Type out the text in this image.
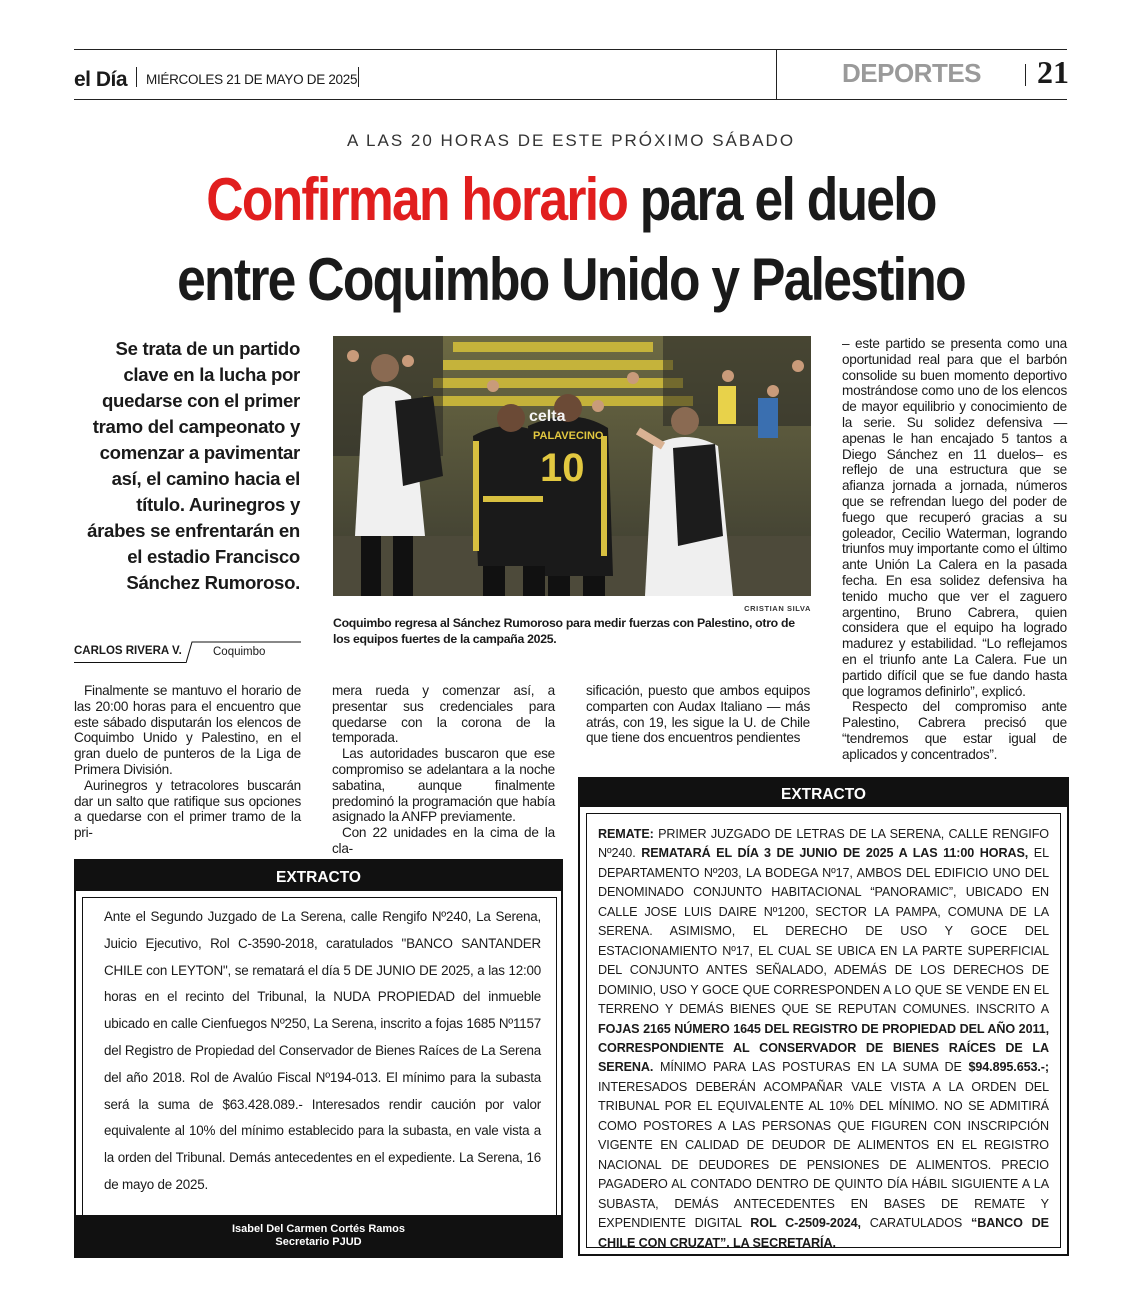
el Día MIÉRCOLES 21 DE MAYO DE 2025	DEPORTES 21
A LAS 20 HORAS DE ESTE PRÓXIMO SÁBADO
Confirman horario para el duelo
entre Coquimbo Unido y Palestino
Se trata de un partido clave en la lucha por quedarse con el primer tramo del campeonato y comenzar a pavimentar así, el camino hacia el título. Aurinegros y árabes se enfrentarán en el estadio Francisco Sánchez Rumoroso.
CARLOS RIVERA V.	Coquimbo
10
PALAVECINO
celta
CRISTIAN SILVA
Coquimbo regresa al Sánchez Rumoroso para medir fuerzas con Palestino, otro de los equipos fuertes de la campaña 2025.

Finalmente se mantuvo el horario de las 20:00 horas para el encuentro que este sábado disputarán los elencos de Coquimbo Unido y Palestino, en el gran duelo de punteros de la Liga de Primera División.

Aurinegros y tetracolores buscarán dar un salto que ratifique sus opciones a quedarse con el primer tramo de la pri-

mera rueda y comenzar así, a presentar sus credenciales para quedarse con la corona de la temporada.

Las autoridades buscaron que ese compromiso se adelantara a la noche sabatina, aunque finalmente predominó la programación que había asignado la ANFP previamente.

Con 22 unidades en la cima de la cla-

sificación, puesto que ambos equipos comparten con Audax Italiano — más atrás, con 19, les sigue la U. de Chile que tiene dos encuentros pendientes

– este partido se presenta como una oportunidad real para que el barbón consolide su buen momento deportivo mostrándose como uno de los elencos de mayor equilibrio y conocimiento de la serie. Su solidez defensiva —apenas le han encajado 5 tantos a Diego Sánchez en 11 duelos– es reflejo de una estructura que se afianza jornada a jornada, números que se refrendan luego del poder de fuego que recuperó gracias a su goleador, Cecilio Waterman, logrando triunfos muy importante como el último ante Unión La Calera en la pasada fecha. En esa solidez defensiva ha tenido mucho que ver el zaguero argentino, Bruno Cabrera, quien considera que el equipo ha logrado madurez y estabilidad. “Lo reflejamos en el triunfo ante La Calera. Fue un partido difícil que se fue dando hasta que logramos definirlo”, explicó.

Respecto del compromiso ante Palestino, Cabrera precisó que “tendremos que estar igual de aplicados y concentrados”.

EXTRACTO
Ante el Segundo Juzgado de La Serena, calle Rengifo Nº240, La Serena, Juicio Ejecutivo, Rol C-3590-2018, caratulados "BANCO SANTANDER CHILE con LEYTON", se rematará el día 5 DE JUNIO DE 2025, a las 12:00 horas en el recinto del Tribunal, la NUDA PROPIEDAD del inmueble ubicado en calle Cienfuegos Nº250, La Serena, inscrito a fojas 1685 Nº1157 del Registro de Propiedad del Conservador de Bienes Raíces de La Serena del año 2018. Rol de Avalúo Fiscal Nº194-013. El mínimo para la subasta será la suma de $63.428.089.- Interesados rendir caución por valor equivalente al 10% del mínimo establecido para la subasta, en vale vista a la orden del Tribunal. Demás antecedentes en el expediente. La Serena, 16 de mayo de 2025.
Isabel Del Carmen Cortés Ramos
Secretario PJUD
EXTRACTO
REMATE: PRIMER JUZGADO DE LETRAS DE LA SERENA, CALLE RENGIFO Nº240. REMATARÁ EL DÍA 3 DE JUNIO DE 2025 A LAS 11:00 HORAS, EL DEPARTAMENTO Nº203, LA BODEGA Nº17, AMBOS DEL EDIFICIO UNO DEL DENOMINADO CONJUNTO HABITACIONAL “PANORAMIC”, UBICADO EN CALLE JOSE LUIS DAIRE Nº1200, SECTOR LA PAMPA, COMUNA DE LA SERENA. ASIMISMO, EL DERECHO DE USO Y GOCE DEL ESTACIONAMIENTO Nº17, EL CUAL SE UBICA EN LA PARTE SUPERFICIAL DEL CONJUNTO ANTES SEÑALADO, ADEMÁS DE LOS DERECHOS DE DOMINIO, USO Y GOCE QUE CORRESPONDEN A LO QUE SE VENDE EN EL TERRENO Y DEMÁS BIENES QUE SE REPUTAN COMUNES. INSCRITO A FOJAS 2165 NÚMERO 1645 DEL REGISTRO DE PROPIEDAD DEL AÑO 2011, CORRESPONDIENTE AL CONSERVADOR DE BIENES RAÍCES DE LA SERENA. MÍNIMO PARA LAS POSTURAS EN LA SUMA DE $94.895.653.-; INTERESADOS DEBERÁN ACOMPAÑAR VALE VISTA A LA ORDEN DEL TRIBUNAL POR EL EQUIVALENTE AL 10% DEL MÍNIMO. NO SE ADMITIRÁ COMO POSTORES A LAS PERSONAS QUE FIGUREN CON INSCRIPCIÓN VIGENTE EN CALIDAD DE DEUDOR DE ALIMENTOS EN EL REGISTRO NACIONAL DE DEUDORES DE PENSIONES DE ALIMENTOS. PRECIO PAGADERO AL CONTADO DENTRO DE QUINTO DÍA HÁBIL SIGUIENTE A LA SUBASTA, DEMÁS ANTECEDENTES EN BASES DE REMATE Y EXPENDIENTE DIGITAL ROL C-2509-2024, CARATULADOS “BANCO DE CHILE CON CRUZAT”. LA SECRETARÍA.
